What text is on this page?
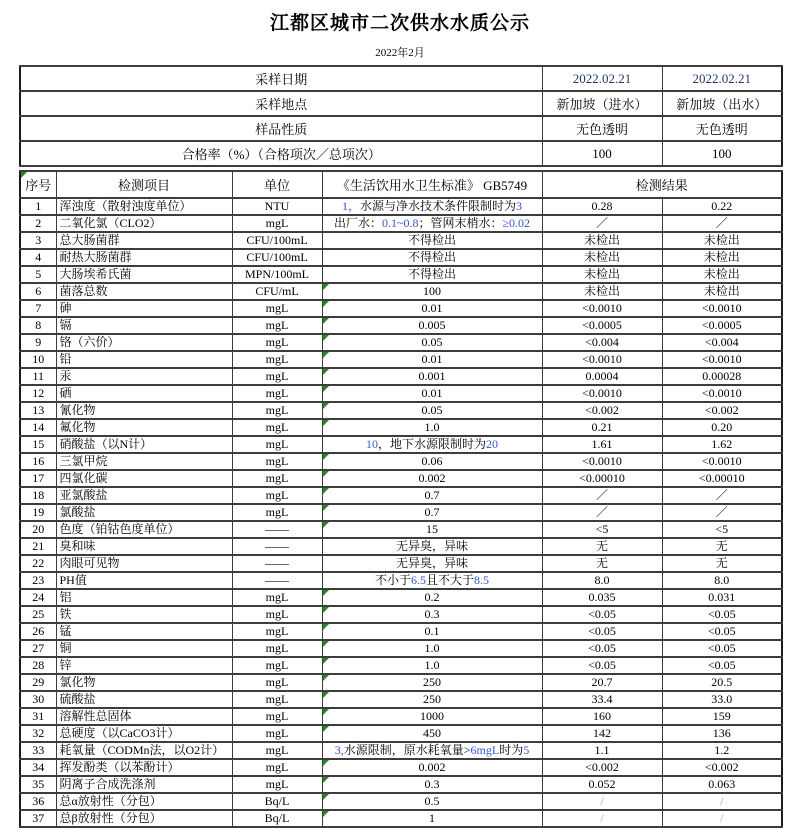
江都区城市二次供水水质公示
2022年2月
采样日期	2022.02.21	2022.02.21
采样地点	新加坡（进水）	新加坡（出水）
样品性质	无色透明	无色透明
合格率（%）（合格项次／总项次）	100	100
序号	检测项目	单位	《生活饮用水卫生标准》 GB5749	检测结果	
1	浑浊度（散射浊度单位）	NTU	1，水源与净水技术条件限制时为3	0.28	0.22
2	二氧化氯（CLO2）	mgL	出厂水：0.1~0.8；管网末梢水：≥0.02	／	／
3	总大肠菌群	CFU/100mL	不得检出	未检出	未检出
4	耐热大肠菌群	CFU/100mL	不得检出	未检出	未检出
5	大肠埃希氏菌	MPN/100mL	不得检出	未检出	未检出
6	菌落总数	CFU/mL	100	未检出	未检出
7	砷	mgL	0.01	<0.0010	<0.0010
8	镉	mgL	0.005	<0.0005	<0.0005
9	铬（六价）	mgL	0.05	<0.004	<0.004
10	铅	mgL	0.01	<0.0010	<0.0010
11	汞	mgL	0.001	0.0004	0.00028
12	硒	mgL	0.01	<0.0010	<0.0010
13	氰化物	mgL	0.05	<0.002	<0.002
14	氟化物	mgL	1.0	0.21	0.20
15	硝酸盐（以N计）	mgL	10，地下水源限制时为20	1.61	1.62
16	三氯甲烷	mgL	0.06	<0.0010	<0.0010
17	四氯化碳	mgL	0.002	<0.00010	<0.00010
18	亚氯酸盐	mgL	0.7	／	／
19	氯酸盐	mgL	0.7	／	／
20	色度（铂钴色度单位）	——	15	<5	<5
21	臭和味	——	无异臭，异味	无	无
22	肉眼可见物	——	无异臭，异味	无	无
23	PH值	——	不小于6.5且不大于8.5	8.0	8.0
24	铝	mgL	0.2	0.035	0.031
25	铁	mgL	0.3	<0.05	<0.05
26	锰	mgL	0.1	<0.05	<0.05
27	铜	mgL	1.0	<0.05	<0.05
28	锌	mgL	1.0	<0.05	<0.05
29	氯化物	mgL	250	20.7	20.5
30	硫酸盐	mgL	250	33.4	33.0
31	溶解性总固体	mgL	1000	160	159
32	总硬度（以CaCO3计）	mgL	450	142	136
33	耗氧量（CODMn法，以O2计）	mgL	3,水源限制，原水耗氧量>6mgL时为5	1.1	1.2
34	挥发酚类（以苯酚计）	mgL	0.002	<0.002	<0.002
35	阴离子合成洗涤剂	mgL	0.3	0.052	0.063
36	总α放射性（分包）	Bq/L	0.5	/	/
37	总β放射性（分包）	Bq/L	1	/	/
